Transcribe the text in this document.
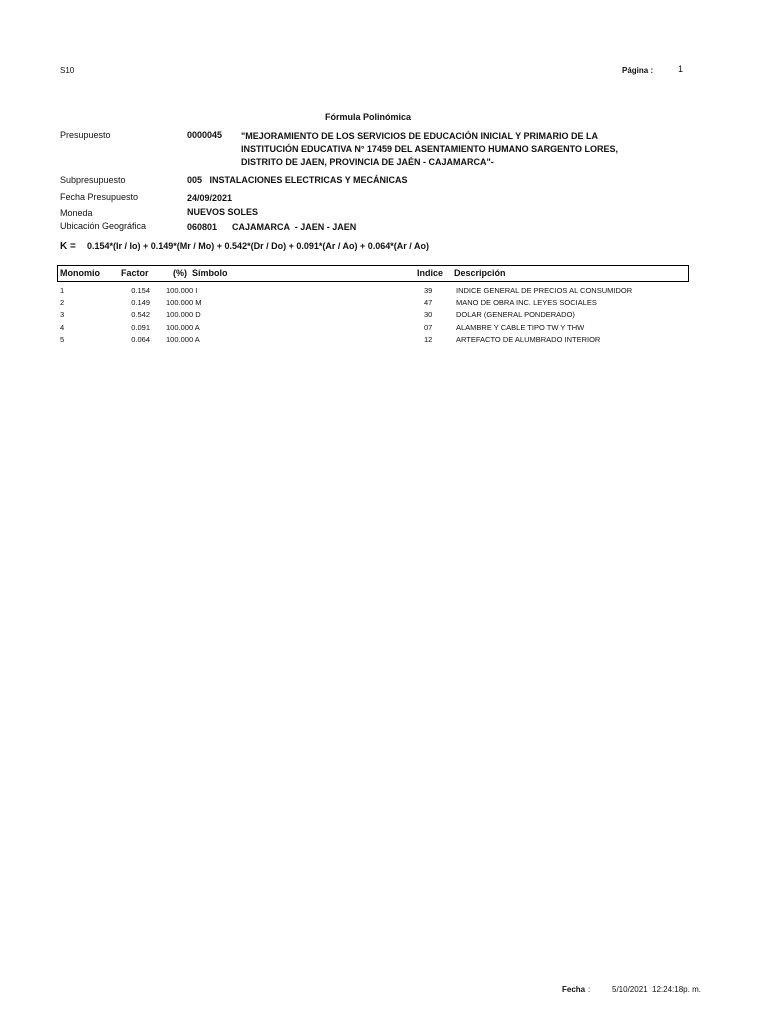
S10	Página :	1
Fórmula Polinómica
Presupuesto	0000045 "MEJORAMIENTO DE LOS SERVICIOS DE EDUCACIÓN INICIAL Y PRIMARIO DE LA
INSTITUCIÓN EDUCATIVA N° 17459 DEL ASENTAMIENTO HUMANO SARGENTO LORES,
DISTRITO DE JAEN, PROVINCIA DE JAÉN - CAJAMARCA"-
Subpresupuesto	005   INSTALACIONES ELECTRICAS Y MECÁNICAS
Fecha Presupuesto	24/09/2021
Moneda	NUEVOS SOLES
Ubicación Geográfica	060801      CAJAMARCA  - JAEN - JAEN
K = 0.154*(Ir / Io) + 0.149*(Mr / Mo) + 0.542*(Dr / Do) + 0.091*(Ar / Ao) + 0.064*(Ar / Ao)
Monomio Factor	(%)  Símbolo	Indice Descripción
1	0.154 100.000 I	39	INDICE GENERAL DE PRECIOS AL CONSUMIDOR
2	0.149 100.000 M	47	MANO DE OBRA INC. LEYES SOCIALES
3	0.542 100.000 D	30	DOLAR (GENERAL PONDERADO)
4	0.091 100.000 A	07	ALAMBRE Y CABLE TIPO TW Y THW
5	0.064 100.000 A	12	ARTEFACTO DE ALUMBRADO INTERIOR
Fecha :	5/10/2021  12:24:18p. m.
